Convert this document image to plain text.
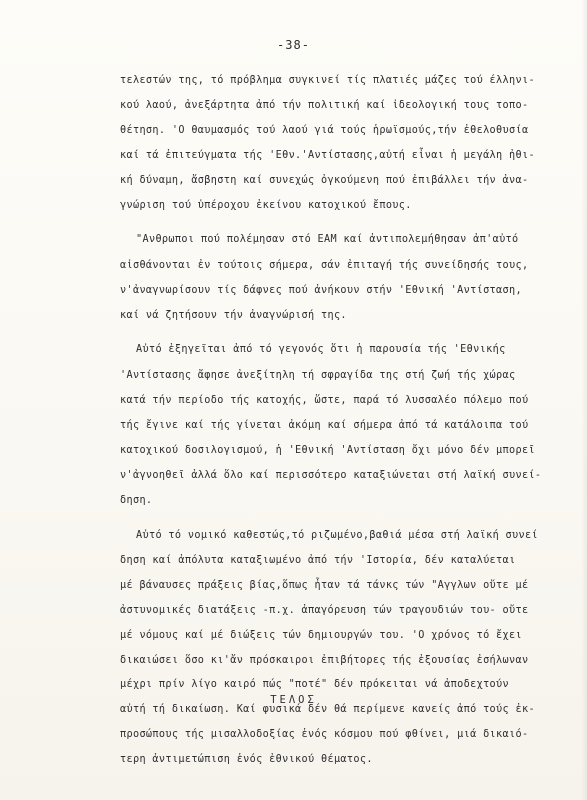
-38-
τελεστών της, τό πρόβλημα συγκινεί τίς πλατιές μάζες τού έλληνι-
κού λαού, ἀνεξάρτητα ἀπό τήν πολιτική καί ἰδεολογική τους τοπο-
θέτηση. 'Ο θαυμασμός τού λαού γιά τούς ἡρωϊσμούς,τήν ἐθελοθυσία
καί τά ἐπιτεύγματα τής 'Εθν.'Αντίστασης,αὐτή εἶναι ἡ μεγάλη ἠθι-
κή δύναμη, ἄσβηστη καί συνεχώς ὀγκούμενη πού ἐπιβάλλει τήν ἀνα-
γνώριση τού ὑπέροχου ἐκείνου κατοχικού ἔπους.
"Ανθρωποι πού πολέμησαν στό ΕΑΜ καί ἀντιπολεμήθησαν ἀπ'αὐτό
αἰσθάνονται ἐν τούτοις σήμερα, σάν ἐπιταγή τής συνείδησής τους,
ν'ἀναγνωρίσουν τίς δάφνες πού ἀνήκουν στήν 'Εθνική 'Αντίσταση,
καί νά ζητήσουν τήν ἀναγνώρισή της.
Αὐτό ἐξηγεῖται ἀπό τό γεγονός ὅτι ἡ παρουσία τής 'Εθνικής
'Αντίστασης ἄφησε ἀνεξίτηλη τή σφραγίδα της στή ζωή τής χώρας
κατά τήν περίοδο τής κατοχής, ὥστε, παρά τό λυσσαλέο πόλεμο πού
τής ἔγινε καί τής γίνεται ἀκόμη καί σήμερα ἀπό τά κατάλοιπα τού
κατοχικού δοσιλογισμού, ἡ 'Εθνική 'Αντίσταση ὄχι μόνο δέν μπορεῖ
ν'ἀγνοηθεῖ ἀλλά ὅλο καί περισσότερο καταξιώνεται στή λαϊκή συνεί-
δηση.
Αὐτό τό νομικό καθεστώς,τό ριζωμένο,βαθιά μέσα στή λαϊκή συνεί
δηση καί ἀπόλυτα καταξιωμένο ἀπό τήν 'Ιστορία, δέν καταλύεται
μέ βάναυσες πράξεις βίας,ὅπως ἦταν τά τάνκς τών "Αγγλων οὔτε μέ
ἀστυνομικές διατάξεις -π.χ. ἀπαγόρευση τών τραγουδιών του- οὔτε
μέ νόμους καί μέ διώξεις τών δημιουργών του. 'Ο χρόνος τό ἔχει
δικαιώσει ὅσο κι'ἄν πρόσκαιροι ἐπιβήτορες τής ἐξουσίας ἐσήλωναν
μέχρι πρίν λίγο καιρό πώς "ποτέ" δέν πρόκειται νά ἀποδεχτούν
αὐτή τή δικαίωση. Καί φυσικά δέν θά περίμενε κανείς ἀπό τούς ἐκ-
προσώπους τής μισαλλοδοξίας ἑνός κόσμου πού φθίνει, μιά δικαιό-
τερη ἀντιμετώπιση ἑνός ἐθνικού θέματος.
ΤΕΛΟΣ
